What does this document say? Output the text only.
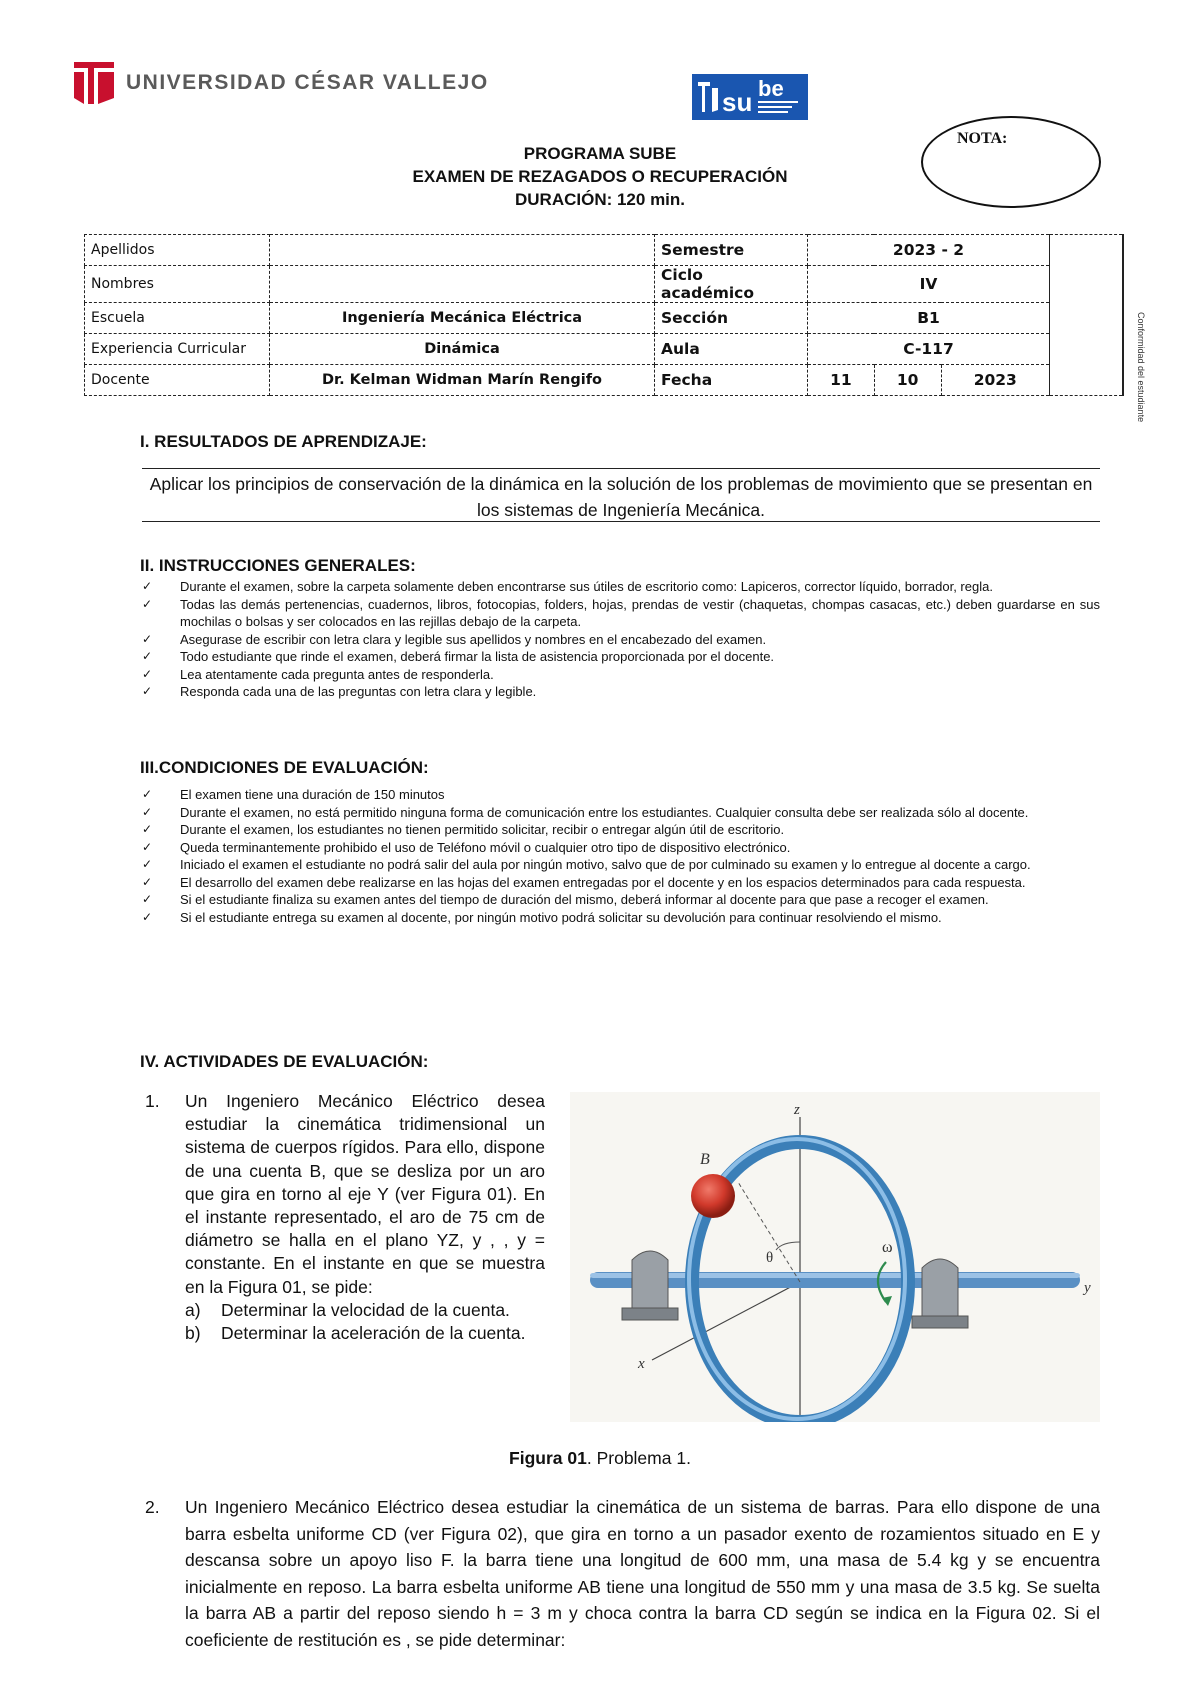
UNIVERSIDAD CÉSAR VALLEJO
su be
NOTA:
Conformidad del estudiante
PROGRAMA SUBE
EXAMEN DE REZAGADOS O RECUPERACIÓN
DURACIÓN: 120 min.
Apellidos		Semestre	2023 - 2			
Nombres		Ciclo académico	IV			
Escuela	Ingeniería Mecánica Eléctrica	Sección	B1			
Experiencia Curricular	Dinámica	Aula	C-117			
Docente	Dr. Kelman Widman Marín Rengifo	Fecha	11	10	2023	
I. RESULTADOS DE APRENDIZAJE:
Aplicar los principios de conservación de la dinámica en la solución de los problemas de movimiento que se presentan en los sistemas de Ingeniería Mecánica.
II. INSTRUCCIONES GENERALES:
✓ Durante el examen, sobre la carpeta solamente deben encontrarse sus útiles de escritorio como: Lapiceros, corrector líquido, borrador, regla.
✓ Todas las demás pertenencias, cuadernos, libros, fotocopias, folders, hojas, prendas de vestir (chaquetas, chompas casacas, etc.) deben guardarse en sus mochilas o bolsas y ser colocados en las rejillas debajo de la carpeta.
✓ Asegurase de escribir con letra clara y legible sus apellidos y nombres en el encabezado del examen.
✓ Todo estudiante que rinde el examen, deberá firmar la lista de asistencia proporcionada por el docente.
✓ Lea atentamente cada pregunta antes de responderla.
✓ Responda cada una de las preguntas con letra clara y legible.
III.CONDICIONES DE EVALUACIÓN:
✓ El examen tiene una duración de 150 minutos
✓ Durante el examen, no está permitido ninguna forma de comunicación entre los estudiantes. Cualquier consulta debe ser realizada sólo al docente.
✓ Durante el examen, los estudiantes no tienen permitido solicitar, recibir o entregar algún útil de escritorio.
✓ Queda terminantemente prohibido el uso de Teléfono móvil o cualquier otro tipo de dispositivo electrónico.
✓ Iniciado el examen el estudiante no podrá salir del aula por ningún motivo, salvo que de por culminado su examen y lo entregue al docente a cargo.
✓ El desarrollo del examen debe realizarse en las hojas del examen entregadas por el docente y en los espacios determinados para cada respuesta.
✓ Si el estudiante finaliza su examen antes del tiempo de duración del mismo, deberá informar al docente para que pase a recoger el examen.
✓ Si el estudiante entrega su examen al docente, por ningún motivo podrá solicitar su devolución para continuar resolviendo el mismo.
IV. ACTIVIDADES DE EVALUACIÓN:
1. Un Ingeniero Mecánico Eléctrico desea estudiar la cinemática tridimensional un sistema de cuerpos rígidos. Para ello, dispone de una cuenta B, que se desliza por un aro que gira en torno al eje Y (ver Figura 01). En el instante representado, el aro de 75 cm de diámetro se halla en el plano YZ, y , , y = constante. En el instante en que se muestra en la Figura 01, se pide:
a) Determinar la velocidad de la cuenta.
b) Determinar la aceleración de la cuenta.
z
x
y
θ
B
ω
Figura 01. Problema 1.
2. Un Ingeniero Mecánico Eléctrico desea estudiar la cinemática de un sistema de barras. Para ello dispone de una barra esbelta uniforme CD (ver Figura 02), que gira en torno a un pasador exento de rozamientos situado en E y descansa sobre un apoyo liso F. la barra tiene una longitud de 600 mm, una masa de 5.4 kg y se encuentra inicialmente en reposo. La barra esbelta uniforme AB tiene una longitud de 550 mm y una masa de 3.5 kg. Se suelta la barra AB a partir del reposo siendo h = 3 m y choca contra la barra CD según se indica en la Figura 02. Si el coeficiente de restitución es , se pide determinar:
